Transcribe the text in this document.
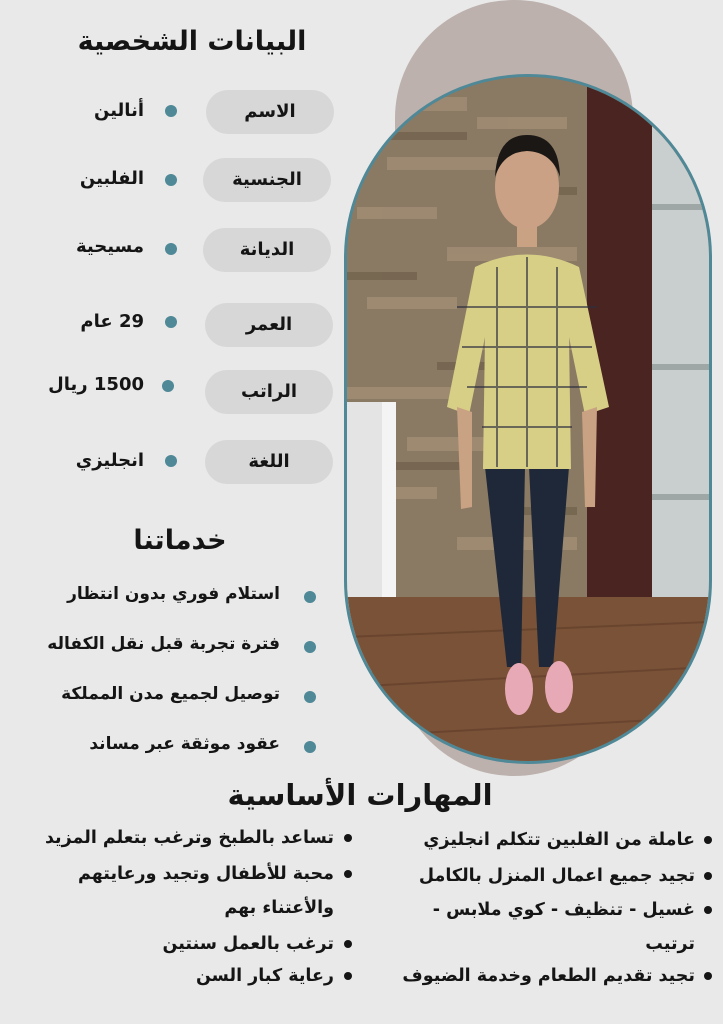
البيانات الشخصية
الاسم
أنالين
الجنسية
الفلبين
الديانة
مسيحية
العمر
29 عام
الراتب
1500 ريال
اللغة
انجليزي
خدماتنا
استلام فوري بدون انتظار
فترة تجربة قبل نقل الكفاله
توصيل لجميع مدن المملكة
عقود موثقة عبر مساند
المهارات الأساسية
عاملة من الفلبين تتكلم انجليزي
تجيد جميع اعمال المنزل بالكامل
غسيل - تنظيف - كوي ملابس -
ترتيب
تجيد تقديم الطعام وخدمة الضيوف
تساعد بالطبخ وترغب بتعلم المزيد
محبة للأطفال وتجيد ورعايتهم
والأعتناء بهم
ترغب بالعمل سنتين
رعاية كبار السن
